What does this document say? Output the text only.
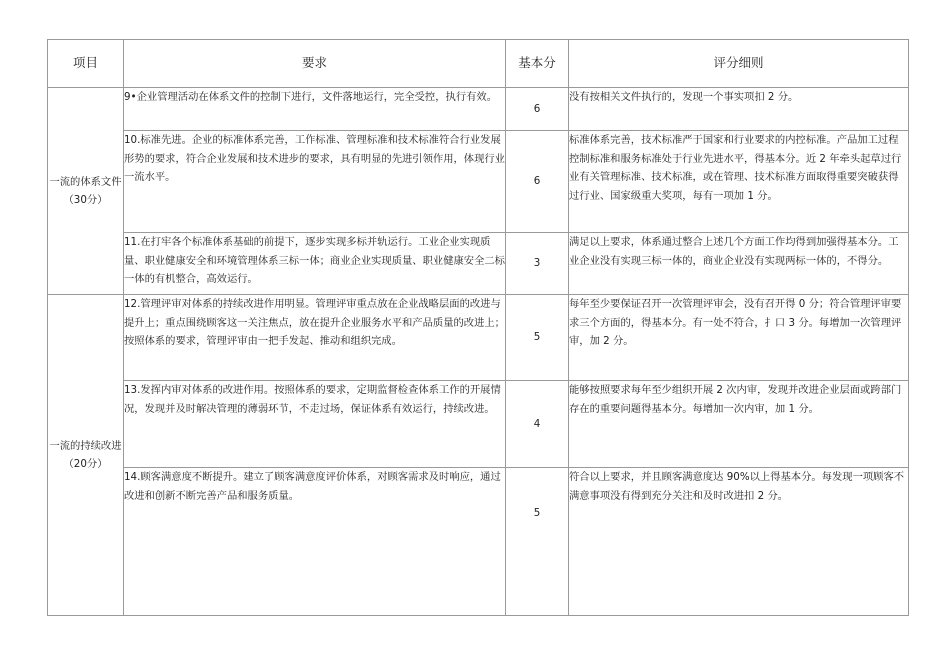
项目	要求	基本分	评分细则
一流的体系文件（30分）	9•企业管理活动在体系文件的控制下进行，文件落地运行，完全受控，执行有效。	6	没有按相关文件执行的，发现一个事实项扣 2 分。
	10.标准先进。企业的标准体系完善，工作标准、管理标准和技术标准符合行业发展形势的要求，符合企业发展和技术进步的要求，具有明显的先进引领作用，体现行业一流水平。	6	标准体系完善，技术标准严于国家和行业要求的内控标准。产品加工过程控制标准和服务标准处于行业先进水平，得基本分。近 2 年牵头起草过行业有关管理标准、技术标准，或在管理、技术标准方面取得重要突破获得过行业、国家级重大奖项，每有一项加 1 分。
	11.在打牢各个标准体系基础的前提下，逐步实现多标并轨运行。工业企业实现质量、职业健康安全和环境管理体系三标一体；商业企业实现质量、职业健康安全二标一体的有机整合，高效运行。	3	满足以上要求，体系通过整合上述几个方面工作均得到加强得基本分。工业企业没有实现三标一体的，商业企业没有实现两标一体的，不得分。
一流的持续改进（20分）	12.管理评审对体系的持续改进作用明显。管理评审重点放在企业战略层面的改进与提升上；重点围绕顾客这一关注焦点，放在提升企业服务水平和产品质量的改进上；按照体系的要求，管理评审由一把手发起、推动和组织完成。	5	每年至少要保证召开一次管理评审会，没有召开得 0 分；符合管理评审要求三个方面的，得基本分。有一处不符合，扌口 3 分。每增加一次管理评审，加 2 分。
	13.发挥内审对体系的改进作用。按照体系的要求，定期监督检查体系工作的开展情况，发现并及时解决管理的薄弱环节，不走过场，保证体系有效运行，持续改进。	4	能够按照要求每年至少组织开展 2 次内审，发现并改进企业层面或跨部门存在的重要问题得基本分。每增加一次内审，加 1 分。
	14.顾客满意度不断提升。建立了顾客满意度评价体系，对顾客需求及时响应，通过改进和创新不断完善产品和服务质量。	5	符合以上要求，并且顾客满意度达 90%以上得基本分。每发现一项顾客不满意事项没有得到充分关注和及时改进扣 2 分。
